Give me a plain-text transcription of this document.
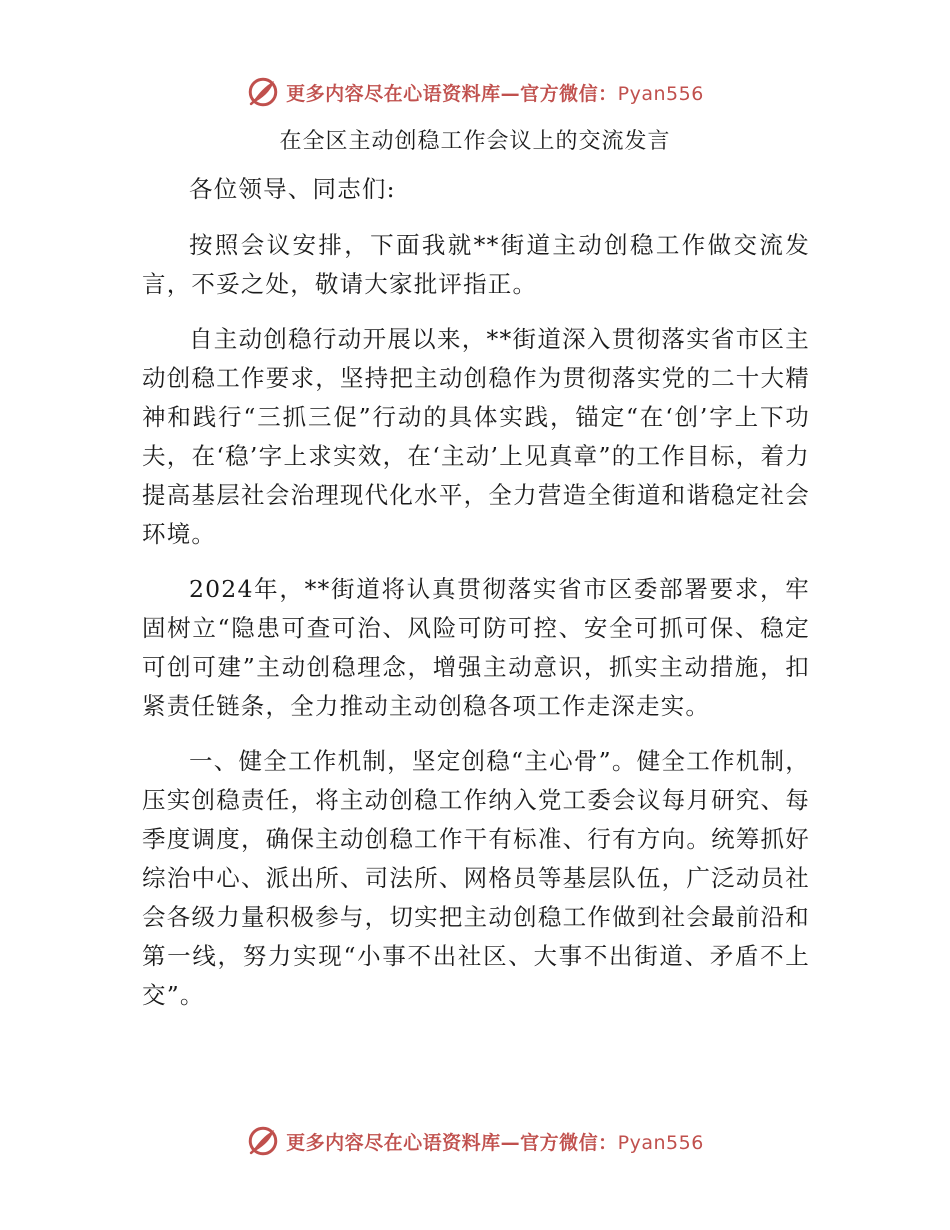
更多内容尽在心语资料库—官方微信：Pyan556
在全区主动创稳工作会议上的交流发言

各位领导、同志们:

按照会议安排，下面我就**街道主动创稳工作做交流发言，不妥之处，敬请大家批评指正。

自主动创稳行动开展以来，**街道深入贯彻落实省市区主动创稳工作要求，坚持把主动创稳作为贯彻落实党的二十大精神和践行“三抓三促”行动的具体实践，锚定“在‘创’字上下功夫，在‘稳’字上求实效，在‘主动’上见真章”的工作目标，着力提高基层社会治理现代化水平，全力营造全街道和谐稳定社会环境。

2024年，**街道将认真贯彻落实省市区委部署要求，牢固树立“隐患可查可治、风险可防可控、安全可抓可保、稳定可创可建”主动创稳理念，增强主动意识，抓实主动措施，扣紧责任链条，全力推动主动创稳各项工作走深走实。

一、健全工作机制，坚定创稳“主心骨”。健全工作机制，压实创稳责任，将主动创稳工作纳入党工委会议每月研究、每季度调度，确保主动创稳工作干有标准、行有方向。统筹抓好综治中心、派出所、司法所、网格员等基层队伍，广泛动员社会各级力量积极参与，切实把主动创稳工作做到社会最前沿和第一线，努力实现“小事不出社区、大事不出街道、矛盾不上交”。

更多内容尽在心语资料库—官方微信：Pyan556
